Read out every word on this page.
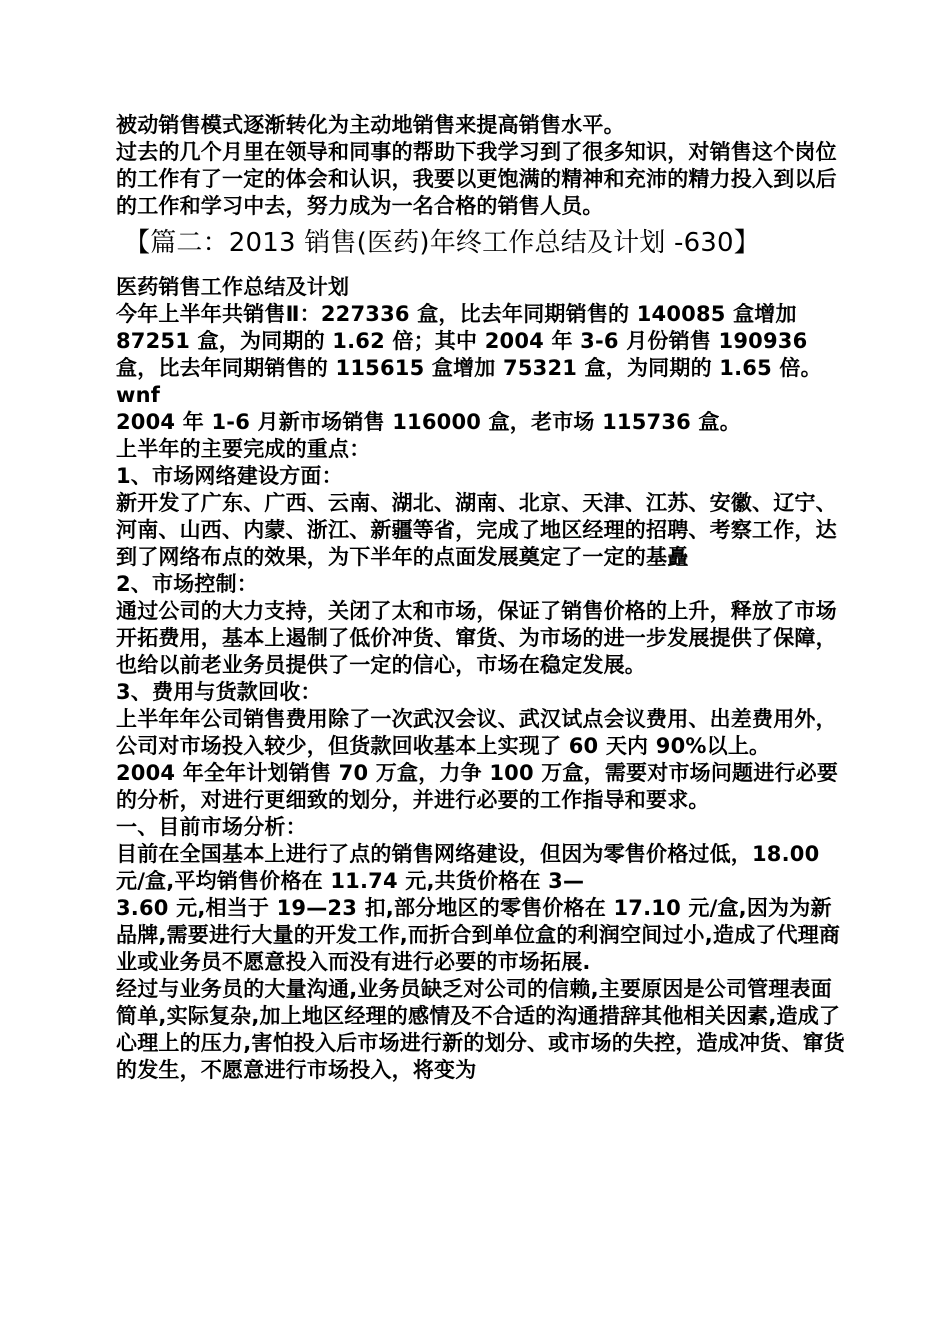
被动销售模式逐渐转化为主动地销售来提高销售水平。

过去的几个月里在领导和同事的帮助下我学习到了很多知识，对销售这个岗位的工作有了一定的体会和认识，我要以更饱满的精神和充沛的精力投入到以后的工作和学习中去，努力成为一名合格的销售人员。

【篇二：2013 销售(医药)年终工作总结及计划 -630】

医药销售工作总结及计划

今年上半年共销售Ⅱ：227336 盒，比去年同期销售的 140085 盒增加 87251 盒，为同期的 1.62 倍；其中 2004 年 3-6 月份销售 190936 盒，比去年同期销售的 115615 盒增加 75321 盒，为同期的 1.65 倍。wnf

2004 年 1-6 月新市场销售 116000 盒，老市场 115736 盒。

上半年的主要完成的重点：

1、市场网络建设方面：

新开发了广东、广西、云南、湖北、湖南、北京、天津、江苏、安徽、辽宁、河南、山西、内蒙、浙江、新疆等省，完成了地区经理的招聘、考察工作，达到了网络布点的效果，为下半年的点面发展奠定了一定的基矗

2、市场控制：

通过公司的大力支持，关闭了太和市场，保证了销售价格的上升，释放了市场开拓费用，基本上遏制了低价冲货、窜货、为市场的进一步发展提供了保障，也给以前老业务员提供了一定的信心，市场在稳定发展。

3、费用与货款回收：

上半年年公司销售费用除了一次武汉会议、武汉试点会议费用、出差费用外，公司对市场投入较少，但货款回收基本上实现了 60 天内 90%以上。

2004 年全年计划销售 70 万盒，力争 100 万盒，需要对市场问题进行必要的分析，对进行更细致的划分，并进行必要的工作指导和要求。

一、目前市场分析：

目前在全国基本上进行了点的销售网络建设，但因为零售价格过低，18.00 元/盒,平均销售价格在 11.74 元,共货价格在 3—

3.60 元,相当于 19—23 扣,部分地区的零售价格在 17.10 元/盒,因为为新品牌,需要进行大量的开发工作,而折合到单位盒的利润空间过小,造成了代理商业或业务员不愿意投入而没有进行必要的市场拓展.

经过与业务员的大量沟通,业务员缺乏对公司的信赖,主要原因是公司管理表面简单,实际复杂,加上地区经理的感情及不合适的沟通措辞其他相关因素,造成了心理上的压力,害怕投入后市场进行新的划分、或市场的失控，造成冲货、窜货的发生，不愿意进行市场投入，将变为
